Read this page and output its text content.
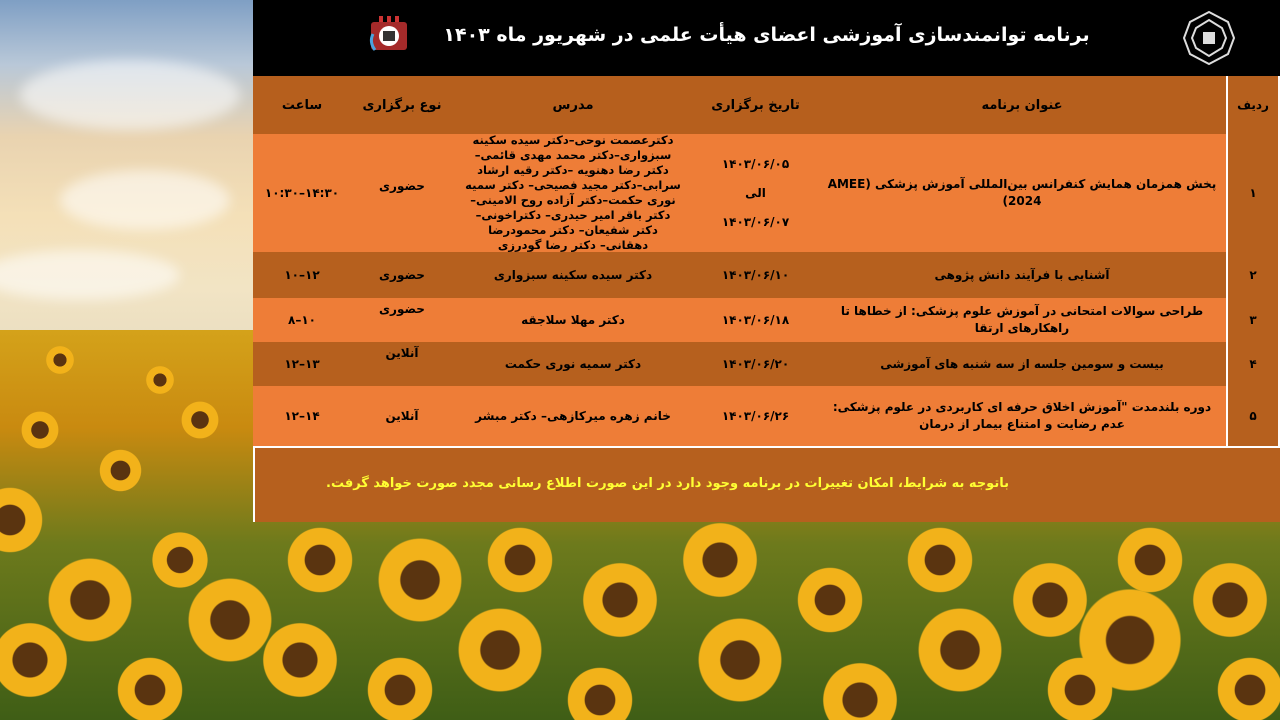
برنامه توانمندسازی آموزشی اعضای هیأت علمی در شهریور ماه ۱۴۰۳
ردیف
عنوان برنامه
تاریخ برگزاری
مدرس
نوع برگزاری
ساعت
۱
پخش همزمان همایش کنفرانس بین‌المللی آموزش پزشکی (AMEE 2024)
۱۴۰۳/۰۶/۰۵
الی
۱۴۰۳/۰۶/۰۷
دکترعصمت نوحی–دکتر سیده سکینه سبزواری–دکتر محمد مهدی قائمی– دکتر رضا دهنویه –دکتر رقیه ارشاد سرابی–دکتر مجید فصیحی– دکتر سمیه نوری حکمت–دکتر آزاده روح الامینی– دکتر باقر امیر حیدری– دکتراخونی– دکتر شفیعان– دکتر محمودرضا دهقانی– دکتر رضا گودرزی
حضوری
۱۴:۳۰–۱۰:۳۰
۲
آشنایی با فرآیند دانش پژوهی
۱۴۰۳/۰۶/۱۰
دکتر سیده سکینه سبزواری
حضوری
۱۲–۱۰
۳
طراحی سوالات امتحانی در آموزش علوم پزشکی: از خطاها تا راهکارهای ارتقا
۱۴۰۳/۰۶/۱۸
دکتر مهلا سلاجقه
حضوری
۱۰–۸
۴
بیست و سومین جلسه از سه شنبه های آموزشی
۱۴۰۳/۰۶/۲۰
دکتر سمیه نوری حکمت
آنلاین
۱۳–۱۲
۵
دوره بلندمدت "آموزش اخلاق حرفه ای کاربردی در علوم پزشکی:
عدم رضایت و امتناع بیمار از درمان
۱۴۰۳/۰۶/۲۶
خانم زهره میرکازهی– دکتر مبشر
آنلاین
۱۴–۱۲
باتوجه به شرایط، امکان تغییرات در برنامه وجود دارد در این صورت اطلاع رسانی مجدد صورت خواهد گرفت.
